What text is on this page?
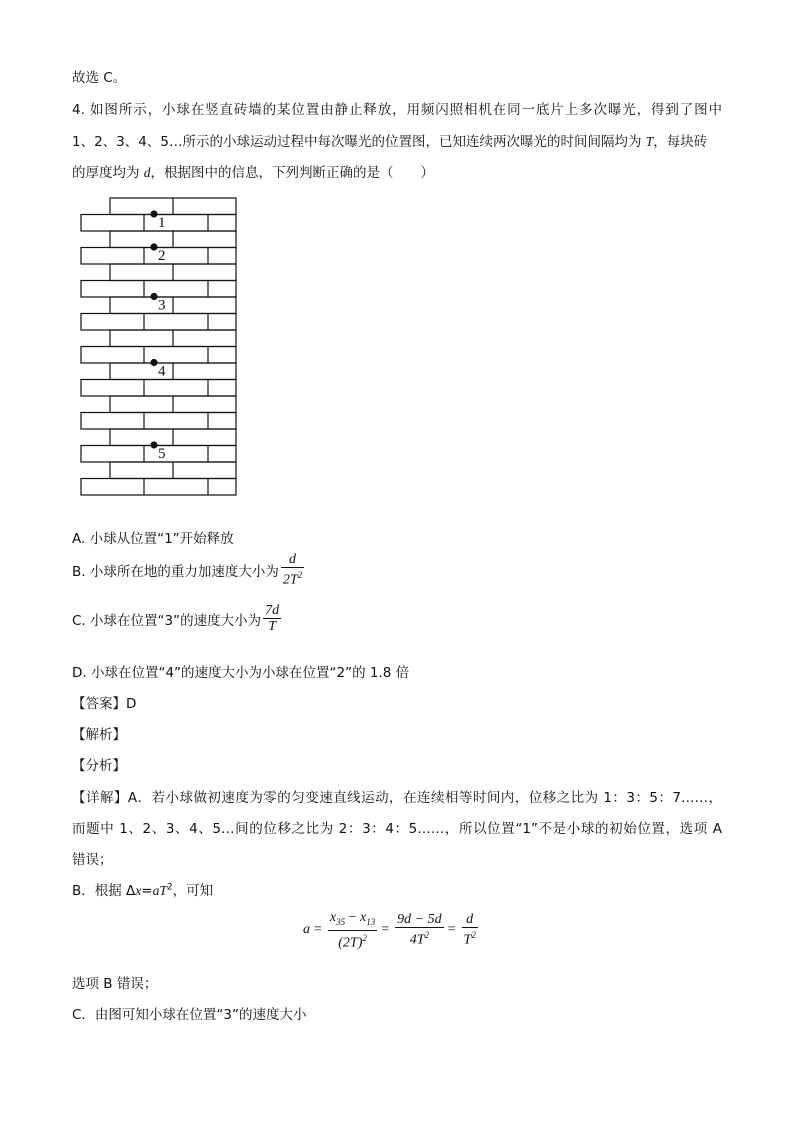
故选 C。
4. 如图所示，小球在竖直砖墙的某位置由静止释放，用频闪照相机在同一底片上多次曝光，得到了图中
1、2、3、4、5…所示的小球运动过程中每次曝光的位置图，已知连续两次曝光的时间间隔均为 T，每块砖
的厚度均为 d，根据图中的信息，下列判断正确的是（　　）
1
2
3
4
5
A. 小球从位置“1”开始释放
B. 小球所在地的重力加速度大小为 $\frac{d}{2T^2}$
C. 小球在位置“3”的速度大小为 $\frac{7d}{T}$
D. 小球在位置“4”的速度大小为小球在位置“2”的 1.8 倍
【答案】D
【解析】
【分析】
【详解】A．若小球做初速度为零的匀变速直线运动，在连续相等时间内，位移之比为 1：3：5：7……，
而题中 1、2、3、4、5…间的位移之比为 2：3：4：5……，所以位置“1”不是小球的初始位置，选项 A
错误；
B．根据 $\Delta x=aT^2$，可知
$a = \frac{x_{35} - x_{13}}{(2T)^2} = \frac{9d - 5d}{4T^2} = \frac{d}{T^2}$
选项 B 错误；
C．由图可知小球在位置“3”的速度大小
